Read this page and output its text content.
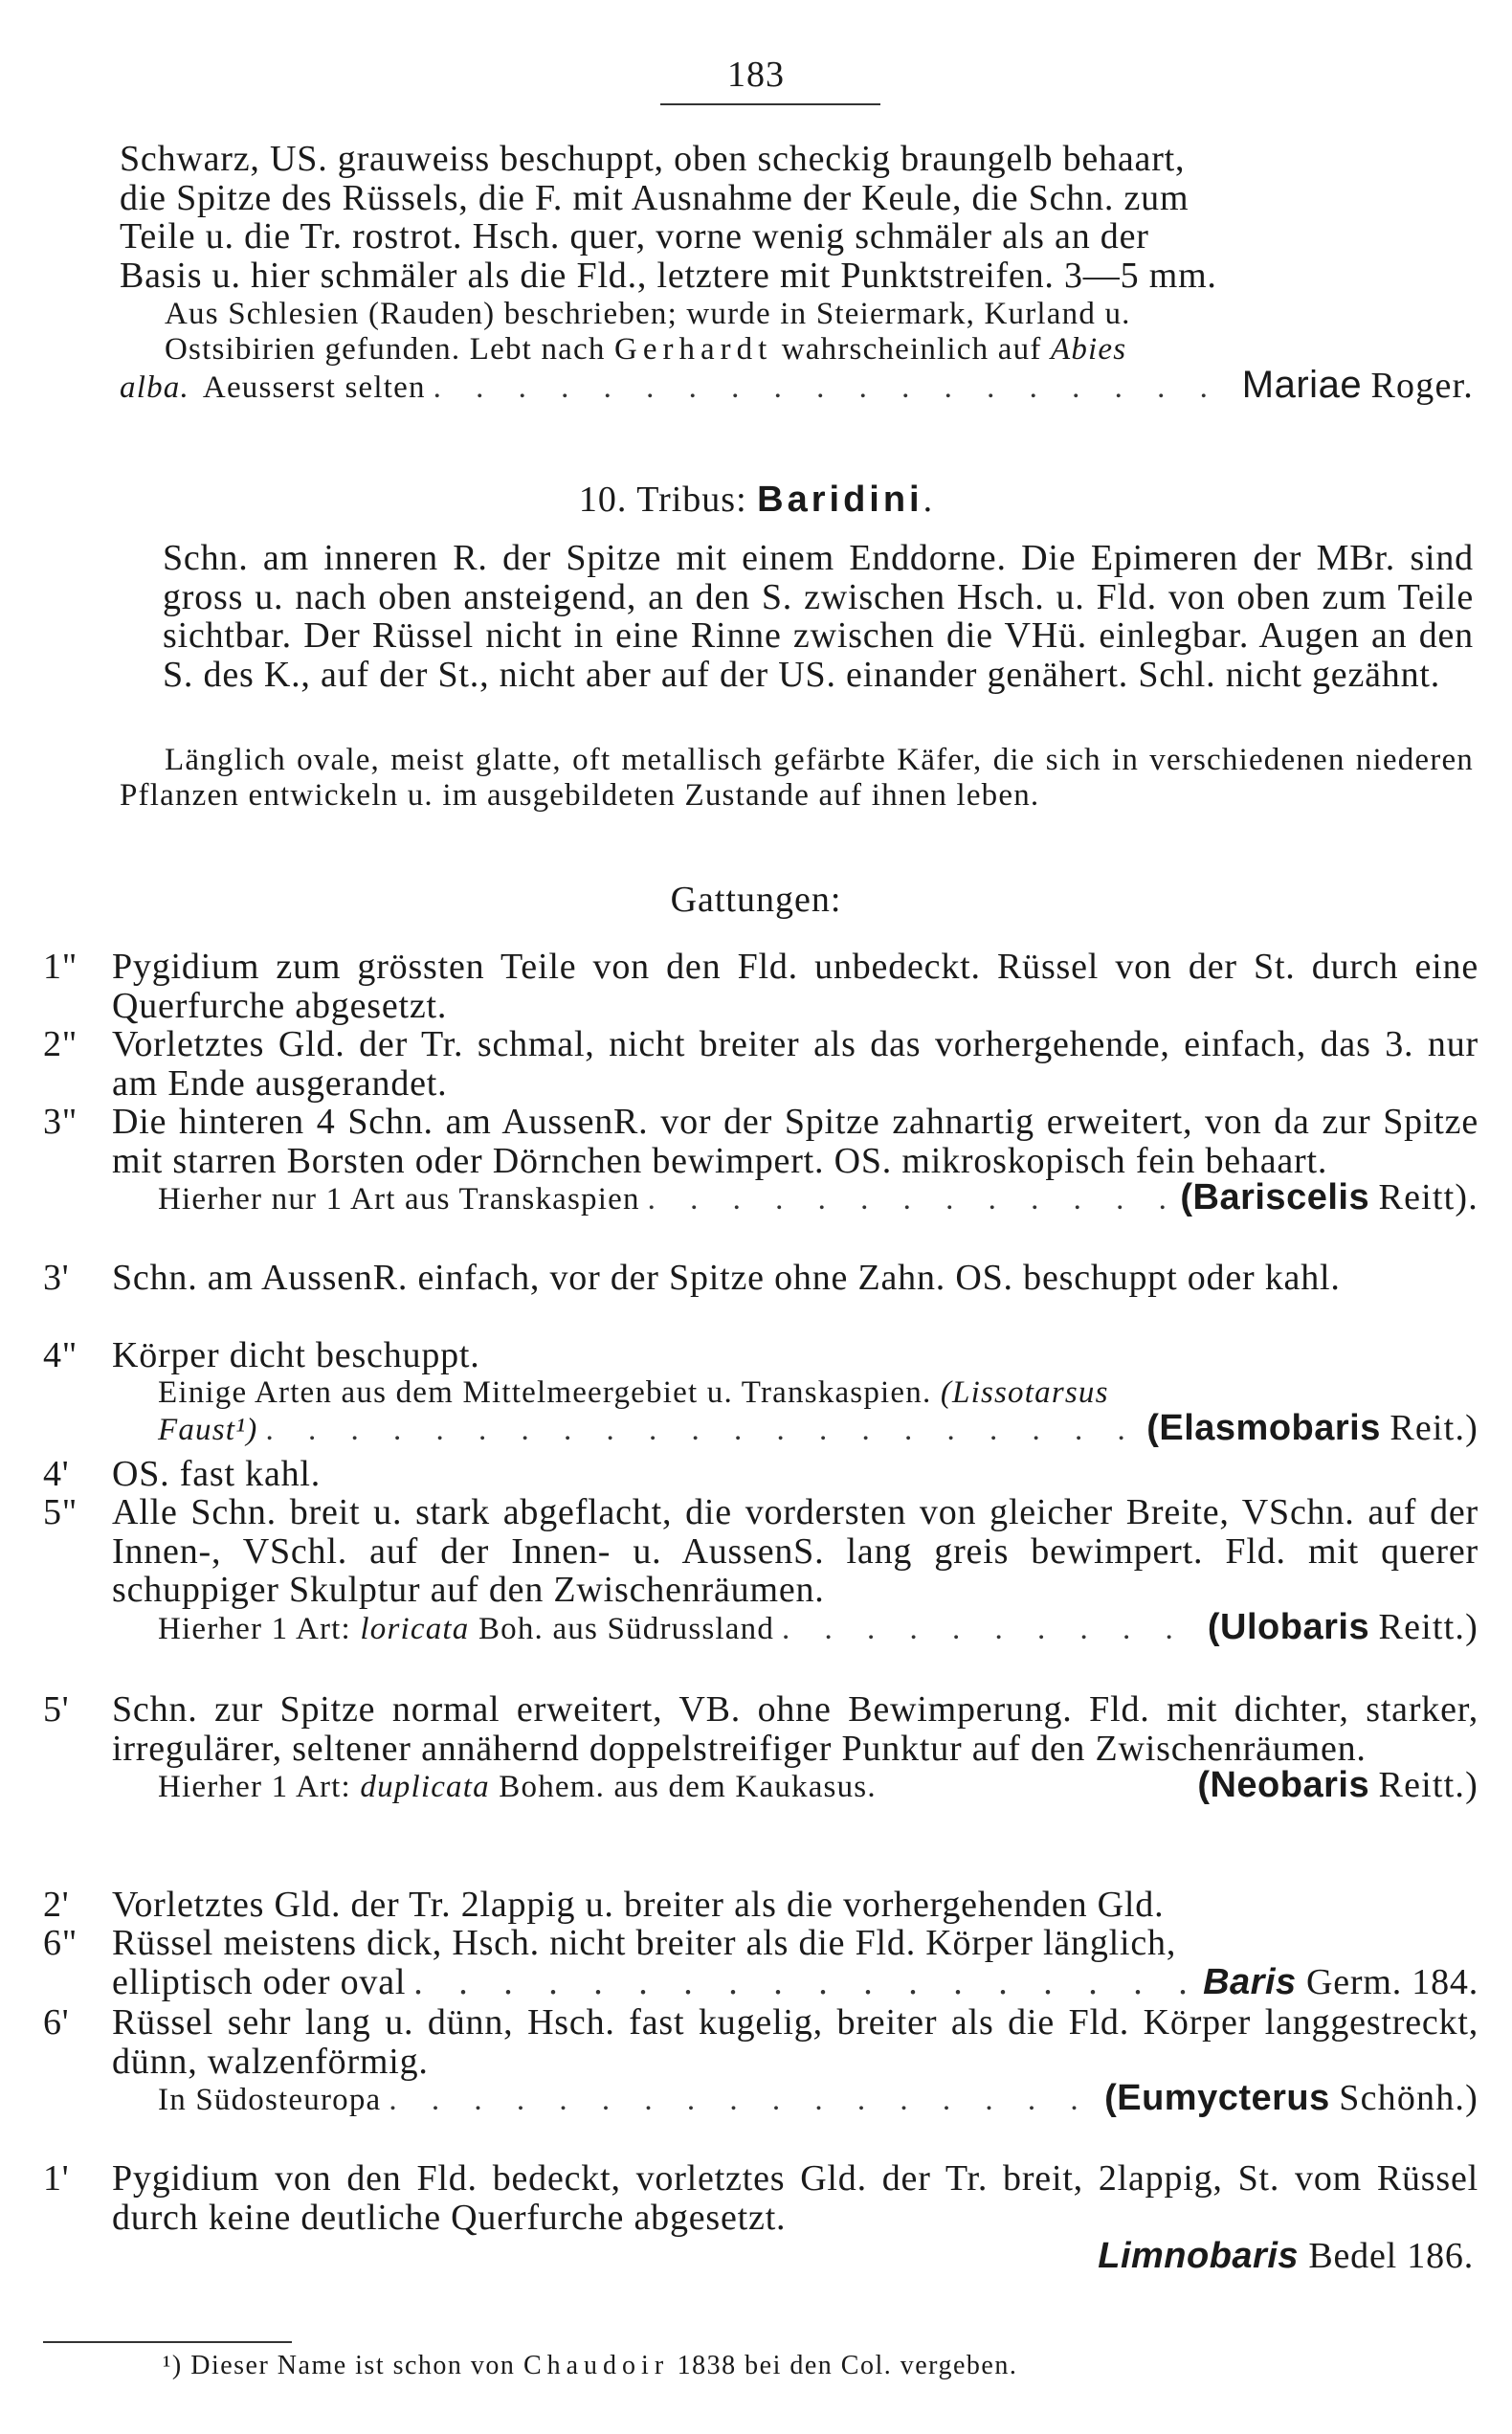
183
Schwarz, US. grauweiss beschuppt, oben scheckig braungelb behaart,
die Spitze des Rüssels, die F. mit Ausnahme der Keule, die Schn. zum
Teile u. die Tr. rostrot. Hsch. quer, vorne wenig schmäler als an der
Basis u. hier schmäler als die Fld., letztere mit Punktstreifen. 3—5 mm.
Aus Schlesien (Rauden) beschrieben; wurde in Steiermark, Kurland u.
Ostsibirien gefunden. Lebt nach Gerhardt wahrscheinlich auf Abies
alba. Aeusserst selten . . .	Mariae Roger.
10. Tribus: Baridini.
Schn. am inneren R. der Spitze mit einem Enddorne. Die Epimeren der MBr. sind gross u. nach oben ansteigend, an den S. zwischen Hsch. u. Fld. von oben zum Teile sichtbar. Der Rüssel nicht in eine Rinne zwischen die VHü. einlegbar. Augen an den S. des K., auf der St., nicht aber auf der US. einander genähert. Schl. nicht gezähnt.
Länglich ovale, meist glatte, oft metallisch gefärbte Käfer, die sich in verschiedenen niederen Pflanzen entwickeln u. im ausgebildeten Zustande auf ihnen leben.
Gattungen:
1" Pygidium zum grössten Teile von den Fld. unbedeckt. Rüssel von der St. durch eine Querfurche abgesetzt.
2" Vorletztes Gld. der Tr. schmal, nicht breiter als das vorhergehende, einfach, das 3. nur am Ende ausgerandet.
3" Die hinteren 4 Schn. am AussenR. vor der Spitze zahnartig erweitert, von da zur Spitze mit starren Borsten oder Dörnchen bewimpert. OS. mikroskopisch fein behaart.
Hierher nur 1 Art aus Transkaspien . . .	(Bariscelis Reitt).
3'	Schn. am AussenR. einfach, vor der Spitze ohne Zahn. OS. beschuppt oder kahl.
4" Körper dicht beschuppt.
Einige Arten aus dem Mittelmeergebiet u. Transkaspien. (Lissotarsus
Faust¹) . . .	(Elasmobaris Reit.)
4'	OS. fast kahl.
5" Alle Schn. breit u. stark abgeflacht, die vordersten von gleicher Breite, VSchn. auf der Innen-, VSchl. auf der Innen- u. AussenS. lang greis bewimpert. Fld. mit querer schuppiger Skulptur auf den Zwischenräumen.
Hierher 1 Art: loricata Boh. aus Südrussland . . .	(Ulobaris Reitt.)
5'	Schn. zur Spitze normal erweitert, VB. ohne Bewimperung. Fld. mit dichter, starker, irregulärer, seltener annähernd doppelstreifiger Punktur auf den Zwischenräumen.
Hierher 1 Art: duplicata Bohem. aus dem Kaukasus.	(Neobaris Reitt.)
2'	Vorletztes Gld. der Tr. 2lappig u. breiter als die vorhergehenden Gld.
6" Rüssel meistens dick, Hsch. nicht breiter als die Fld. Körper länglich,
elliptisch oder oval . . .	Baris Germ. 184.
6'	Rüssel sehr lang u. dünn, Hsch. fast kugelig, breiter als die Fld. Körper langgestreckt, dünn, walzenförmig.
In Südosteuropa . . .	(Eumycterus Schönh.)
1'	Pygidium von den Fld. bedeckt, vorletztes Gld. der Tr. breit, 2lappig, St. vom Rüssel durch keine deutliche Querfurche abgesetzt.
Limnobaris Bedel 186.
¹) Dieser Name ist schon von Chaudoir 1838 bei den Col. vergeben.
